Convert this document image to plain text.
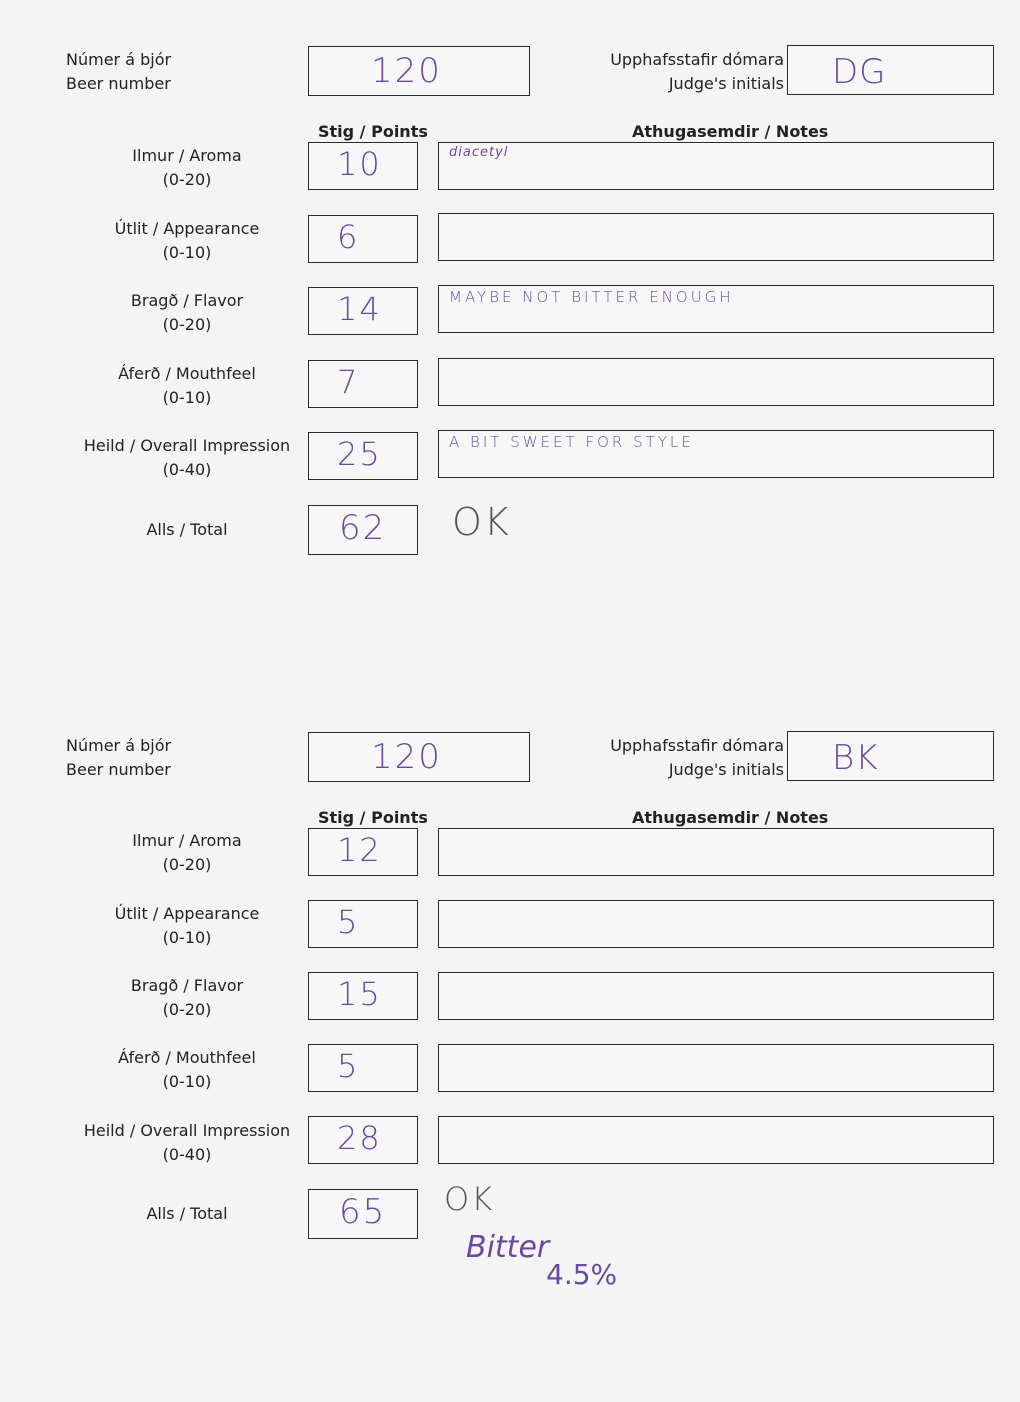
Númer á bjór
Beer number	120	Upphafsstafir dómara
Judge's initials DG
Stig / Points	Athugasemdir / Notes
Ilmur / Aroma
(0-20)	10	diacetyl
Útlit / Appearance
(0-10)	6
Bragð / Flavor
(0-20)	14	MAYBE NOT BITTER ENOUGH
Áferð / Mouthfeel
(0-10)	7
Heild / Overall Impression
(0-40)	25	A BIT SWEET FOR STYLE
Alls / Total	62 OK
Númer á bjór
Beer number	120	Upphafsstafir dómara
Judge's initials BK
Stig / Points	Athugasemdir / Notes
Ilmur / Aroma
(0-20)	12
Útlit / Appearance
(0-10)	5
Bragð / Flavor
(0-20)	15
Áferð / Mouthfeel
(0-10)	5
Heild / Overall Impression
(0-40)	28
Alls / Total	65 OK
Bitter
4.5%
